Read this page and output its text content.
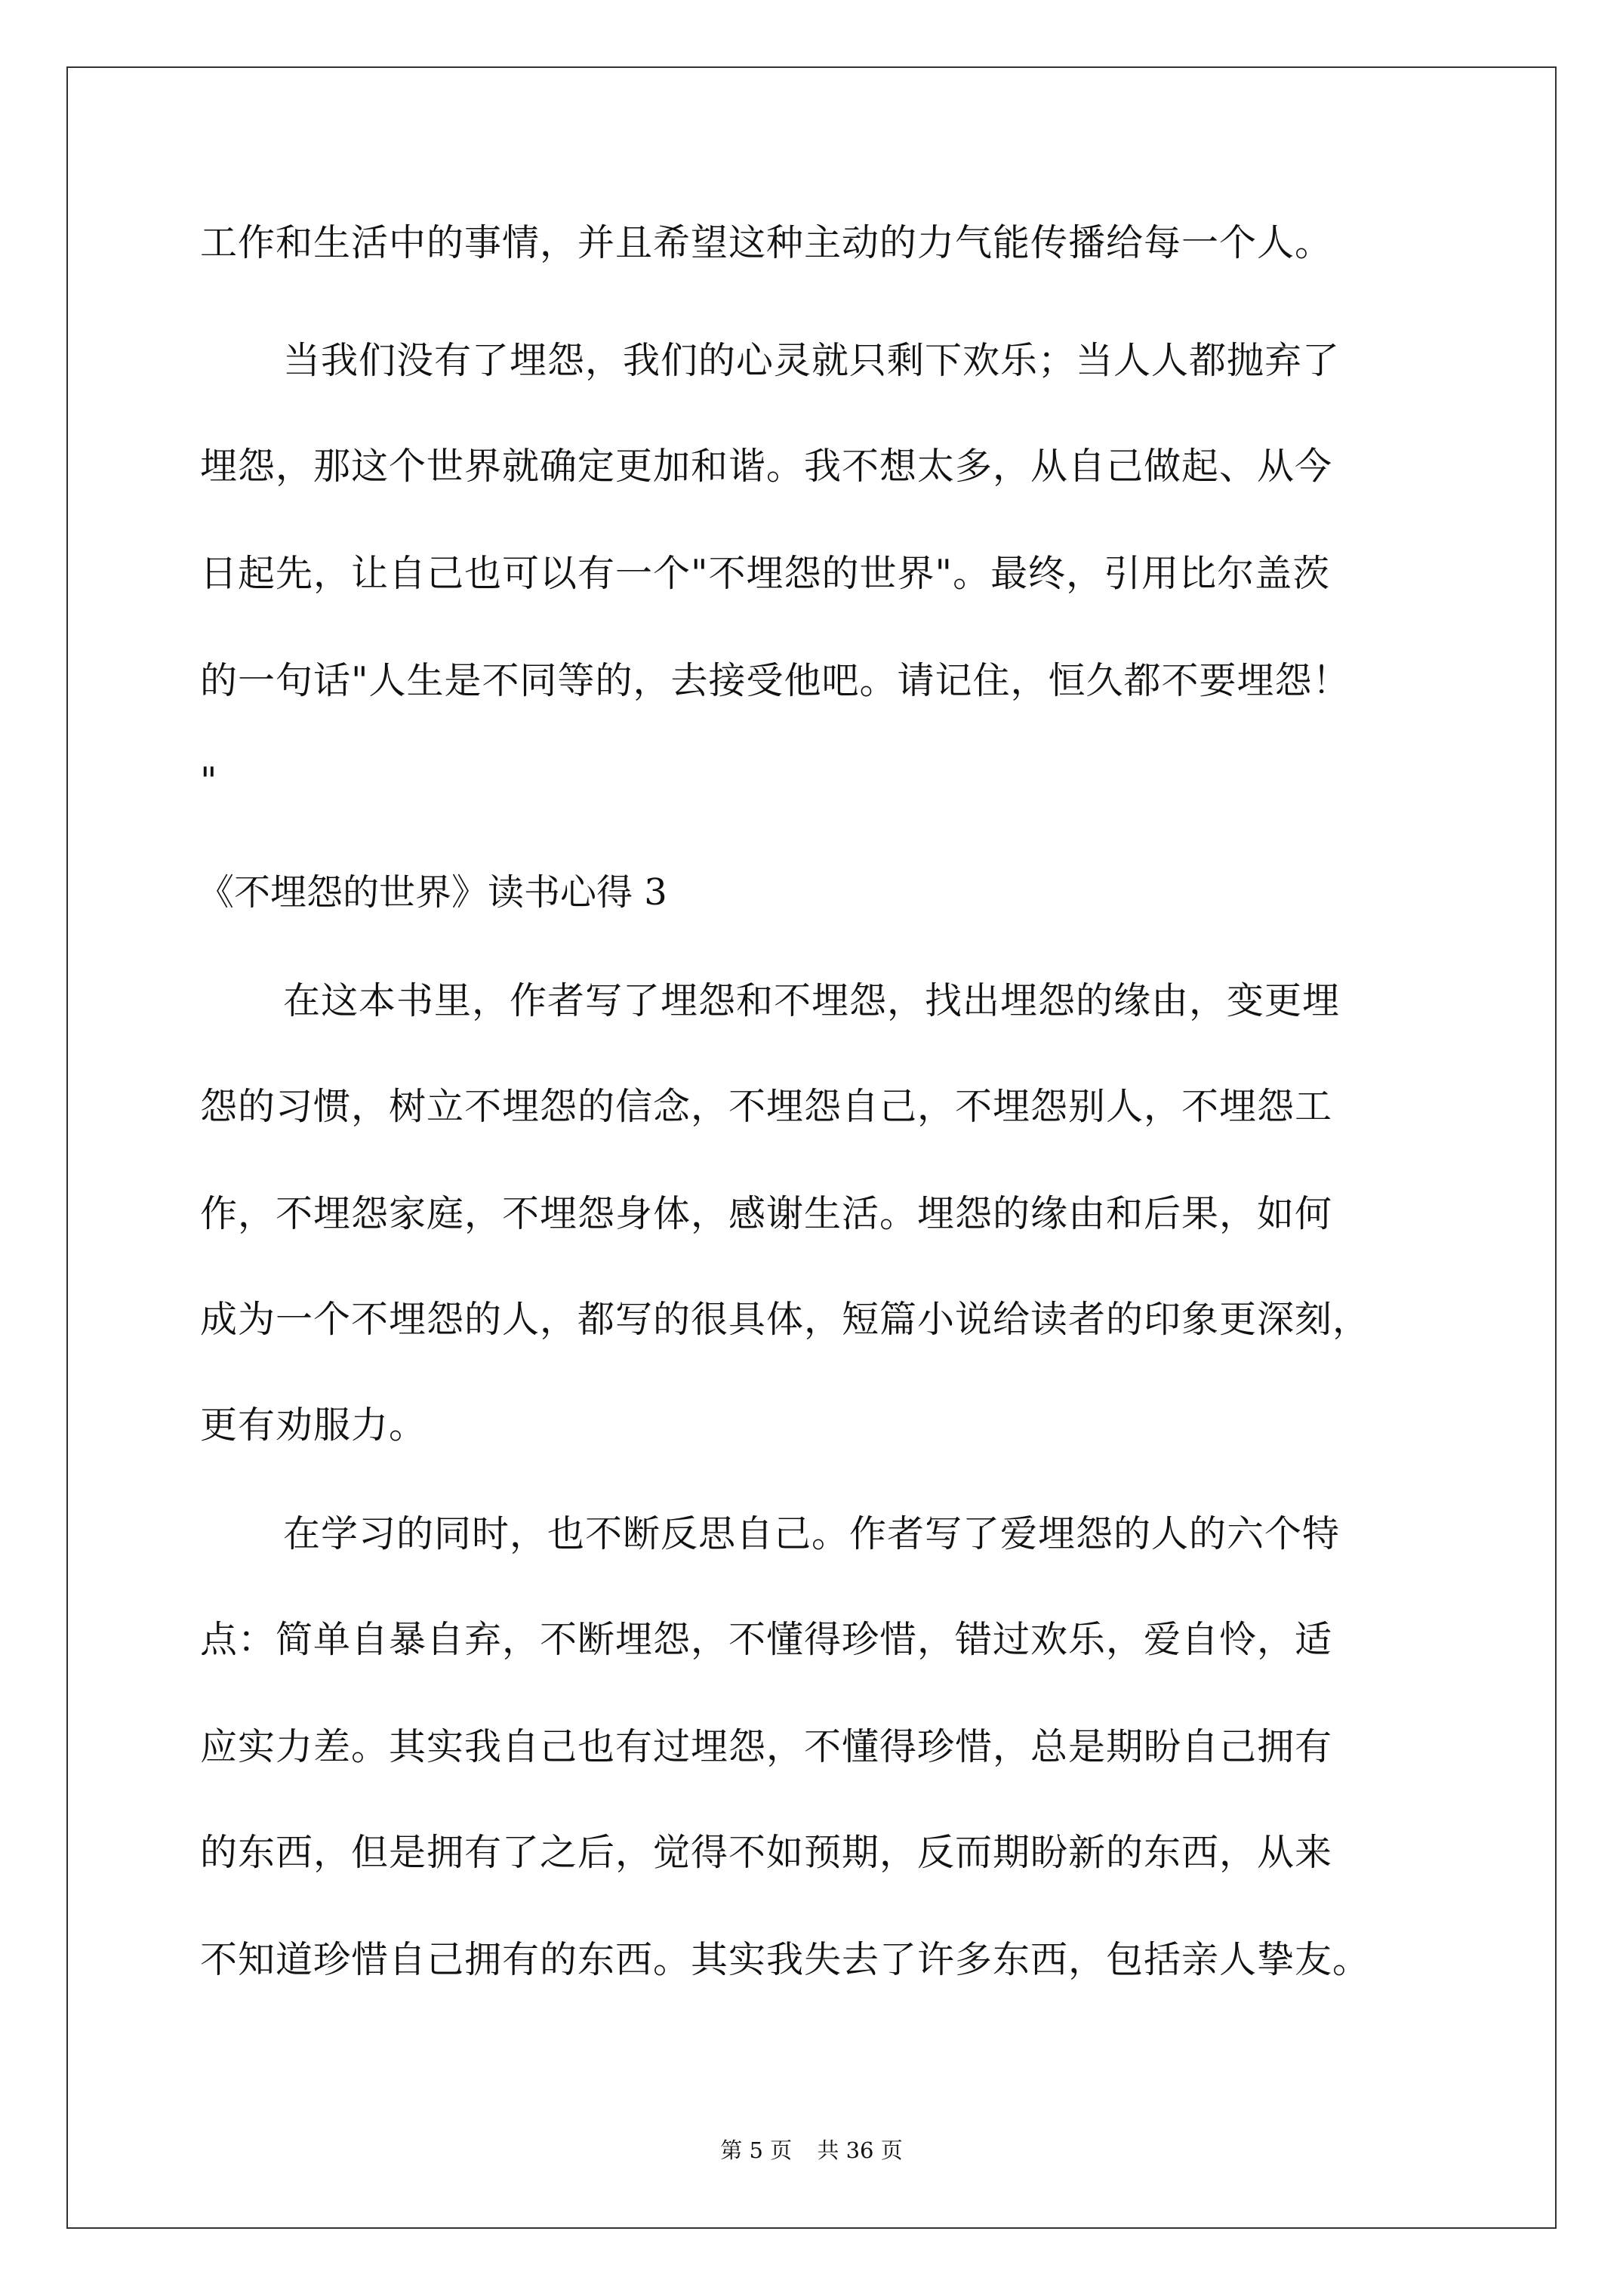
工作和生活中的事情，并且希望这种主动的力气能传播给每一个人。
当我们没有了埋怨，我们的心灵就只剩下欢乐；当人人都抛弃了
埋怨，那这个世界就确定更加和谐。我不想太多，从自己做起、从今
日起先，让自己也可以有一个"不埋怨的世界"。最终，引用比尔盖茨
的一句话"人生是不同等的，去接受他吧。请记住，恒久都不要埋怨！
"
《不埋怨的世界》读书心得 3
在这本书里，作者写了埋怨和不埋怨，找出埋怨的缘由，变更埋
怨的习惯，树立不埋怨的信念，不埋怨自己，不埋怨别人，不埋怨工
作，不埋怨家庭，不埋怨身体，感谢生活。埋怨的缘由和后果，如何
成为一个不埋怨的人，都写的很具体，短篇小说给读者的印象更深刻，
更有劝服力。
在学习的同时，也不断反思自己。作者写了爱埋怨的人的六个特
点：简单自暴自弃，不断埋怨，不懂得珍惜，错过欢乐，爱自怜，适
应实力差。其实我自己也有过埋怨，不懂得珍惜，总是期盼自己拥有
的东西，但是拥有了之后，觉得不如预期，反而期盼新的东西，从来
不知道珍惜自己拥有的东西。其实我失去了许多东西，包括亲人挚友。
第 5 页 共 36 页
